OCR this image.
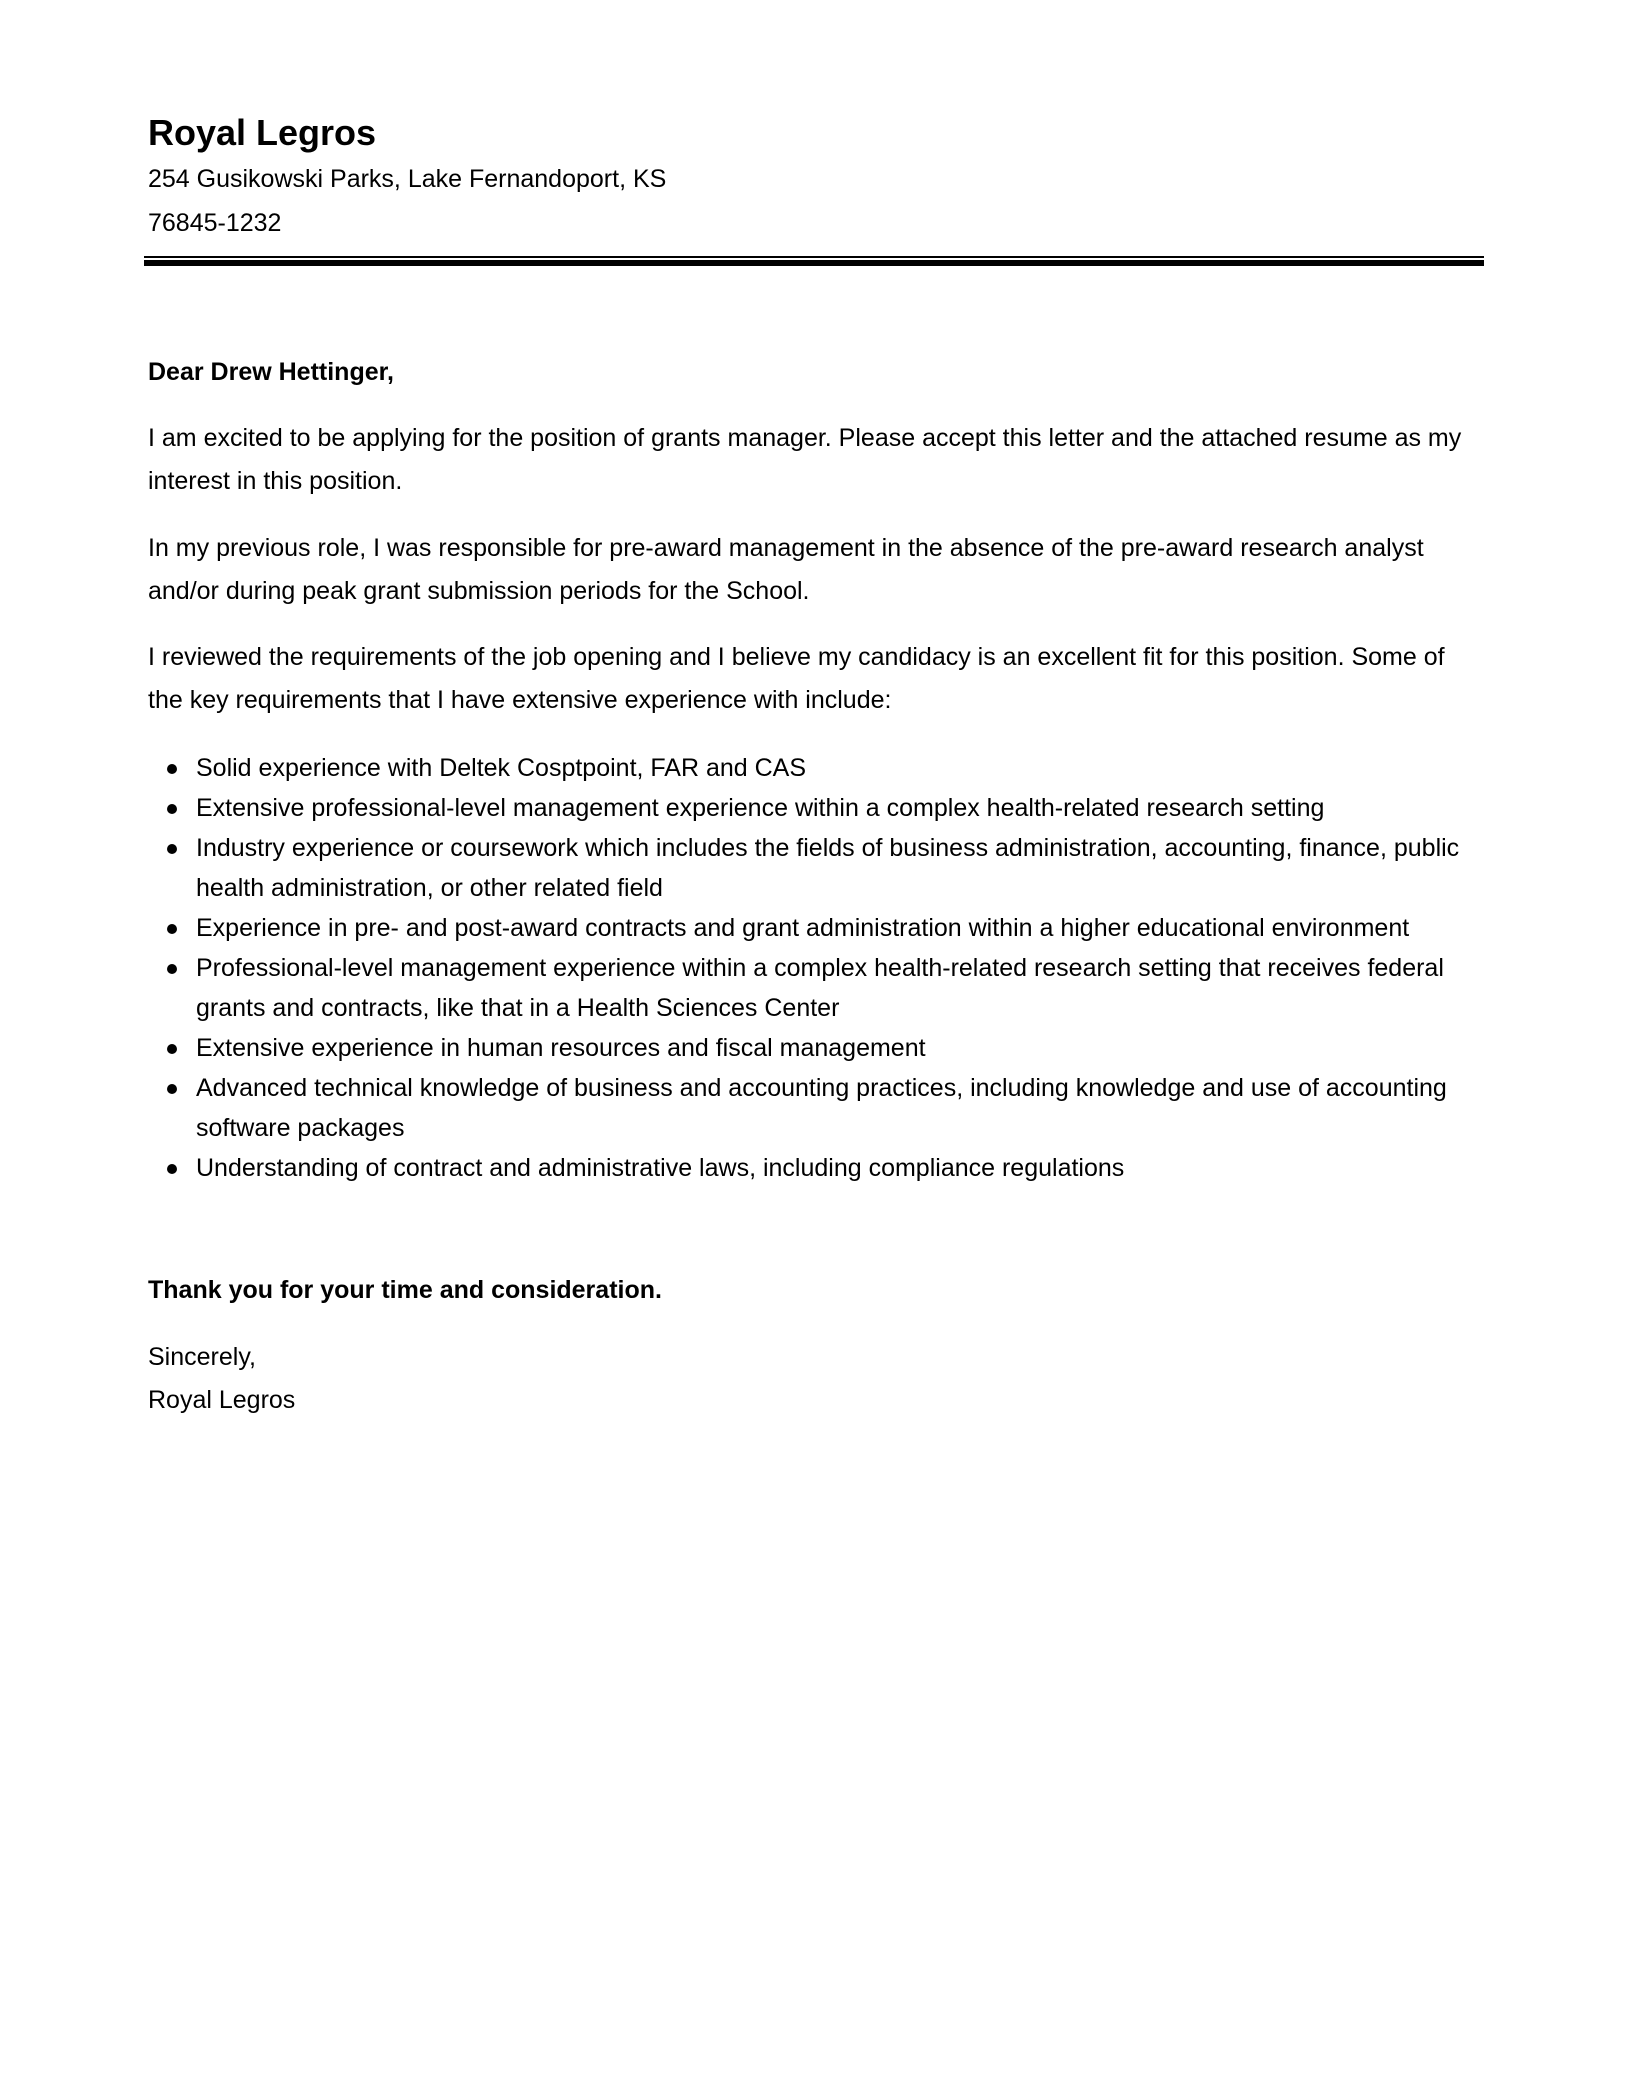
Royal Legros
254 Gusikowski Parks, Lake Fernandoport, KS
76845-1232

Dear Drew Hettinger,

I am excited to be applying for the position of grants manager. Please accept this letter and the attached resume as my interest in this position.

In my previous role, I was responsible for pre-award management in the absence of the pre-award research analyst and/or during peak grant submission periods for the School.

I reviewed the requirements of the job opening and I believe my candidacy is an excellent fit for this position. Some of the key requirements that I have extensive experience with include:

Solid experience with Deltek Cosptpoint, FAR and CAS
Extensive professional-level management experience within a complex health-related research setting
Industry experience or coursework which includes the fields of business administration, accounting, finance, public health administration, or other related field
Experience in pre- and post-award contracts and grant administration within a higher educational environment
Professional-level management experience within a complex health-related research setting that receives federal grants and contracts, like that in a Health Sciences Center
Extensive experience in human resources and fiscal management
Advanced technical knowledge of business and accounting practices, including knowledge and use of accounting software packages
Understanding of contract and administrative laws, including compliance regulations

Thank you for your time and consideration.

Sincerely,

Royal Legros
